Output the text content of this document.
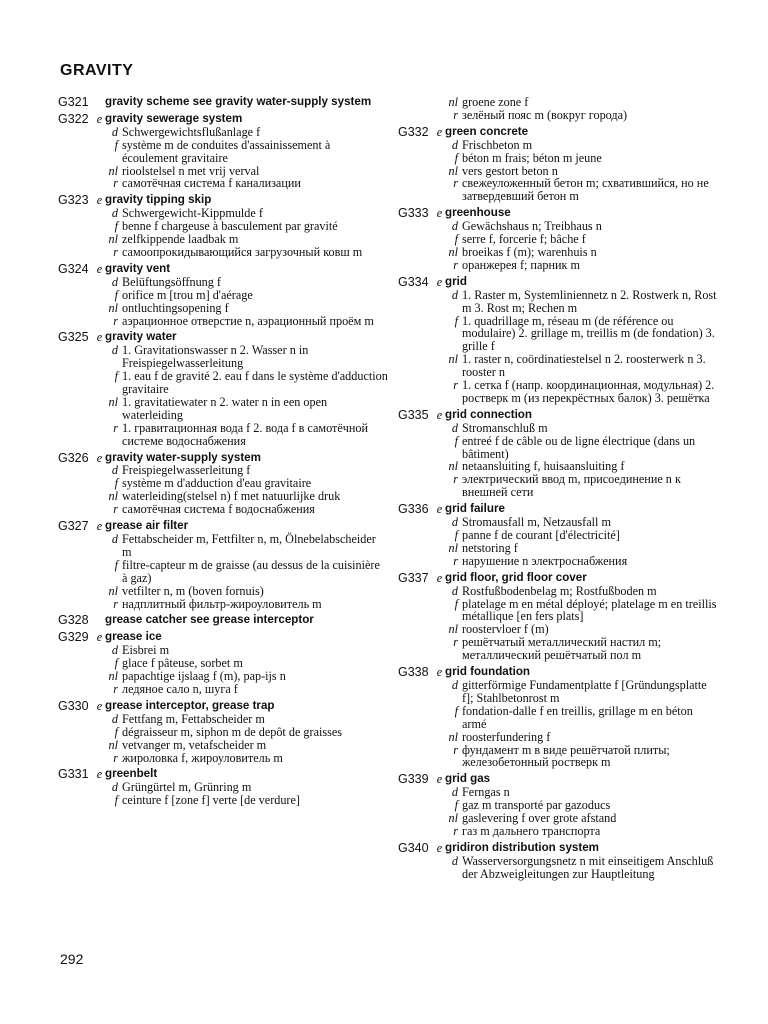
GRAVITY
G321	gravity scheme see gravity water-supply system
G322 e gravity sewerage system
d Schwergewichtsflußanlage f
f système m de conduites d'assainissement à écoulement gravitaire
nl rioolstelsel n met vrij verval
r самотёчная система f канализации
G323 e gravity tipping skip
d Schwergewicht-Kippmulde f
f benne f chargeuse à basculement par gravité
nl zelfkippende laadbak m
r самоопрокидывающийся загрузочный ковш m
G324 e gravity vent
d Belüftungsöffnung f
f orifice m [trou m] d'aérage
nl ontluchtingsopening f
r аэрационное отверстие n, аэрационный проём m
G325 e gravity water
d 1. Gravitationswasser n 2. Wasser n in Freispiegelwasserleitung
f 1. eau f de gravité 2. eau f dans le système d'adduction gravitaire
nl 1. gravitatiewater n 2. water n in een open waterleiding
r 1. гравитационная вода f 2. вода f в самотёчной системе водоснабжения
G326 e gravity water-supply system
d Freispiegelwasserleitung f
f système m d'adduction d'eau gravitaire
nl waterleiding(stelsel n) f met natuurlijke druk
r самотёчная система f водоснабжения
G327 e grease air filter
d Fettabscheider m, Fettfilter n, m, Ölnebelabscheider m
f filtre-capteur m de graisse (au dessus de la cuisinière à gaz)
nl vetfilter n, m (boven fornuis)
r надплитный фильтр-жироуловитель m
G328	grease catcher see grease interceptor
G329 e grease ice
d Eisbrei m
f glace f pâteuse, sorbet m
nl papachtige ijslaag f (m), pap-ijs n
r ледяное сало n, шуга f
G330 e grease interceptor, grease trap
d Fettfang m, Fettabscheider m
f dégraisseur m, siphon m de depôt de graisses
nl vetvanger m, vetafscheider m
r жироловка f, жироуловитель m
G331 e greenbelt
d Grüngürtel m, Grünring m
f ceinture f [zone f] verte [de verdure]
nl groene zone f
r зелёный пояс m (вокруг города)
G332 e green concrete
d Frischbeton m
f béton m frais; béton m jeune
nl vers gestort beton n
r свежеуложенный бетон m; схватившийся, но не затвердевший бетон m
G333 e greenhouse
d Gewächshaus n; Treibhaus n
f serre f, forcerie f; bâche f
nl broeikas f (m); warenhuis n
r оранжерея f; парник m
G334 e grid
d 1. Raster m, Systemliniennetz n 2. Rostwerk n, Rost m 3. Rost m; Rechen m
f 1. quadrillage m, réseau m (de référence ou modulaire) 2. grillage m, treillis m (de fondation) 3. grille f
nl 1. raster n, coördinatiestelsel n 2. roosterwerk n 3. rooster n
r 1. сетка f (напр. координационная, модульная) 2. ростверк m (из перекрёстных балок) 3. решётка
G335 e grid connection
d Stromanschluß m
f entreé f de câble ou de ligne électrique (dans un bâtiment)
nl netaansluiting f, huisaansluiting f
r электрический ввод m, присоединение n к внешней сети
G336 e grid failure
d Stromausfall m, Netzausfall m
f panne f de courant [d'électricité]
nl netstoring f
r нарушение n электроснабжения
G337 e grid floor, grid floor cover
d Rostfußbodenbelag m; Rostfußboden m
f platelage m en métal déployé; platelage m en treillis métallique [en fers plats]
nl roostervloer f (m)
r решётчатый металлический настил m; металлический решётчатый пол m
G338 e grid foundation
d gitterförmige Fundamentplatte f [Gründungsplatte f]; Stahlbetonrost m
f fondation-dalle f en treillis, grillage m en béton armé
nl roosterfundering f
r фундамент m в виде решётчатой плиты; железобетонный ростверк m
G339 e grid gas
d Ferngas n
f gaz m transporté par gazoducs
nl gaslevering f over grote afstand
r газ m дальнего транспорта
G340 e gridiron distribution system
d Wasserversorgungsnetz n mit einseitigem Anschluß der Abzweigleitungen zur Hauptleitung
292
